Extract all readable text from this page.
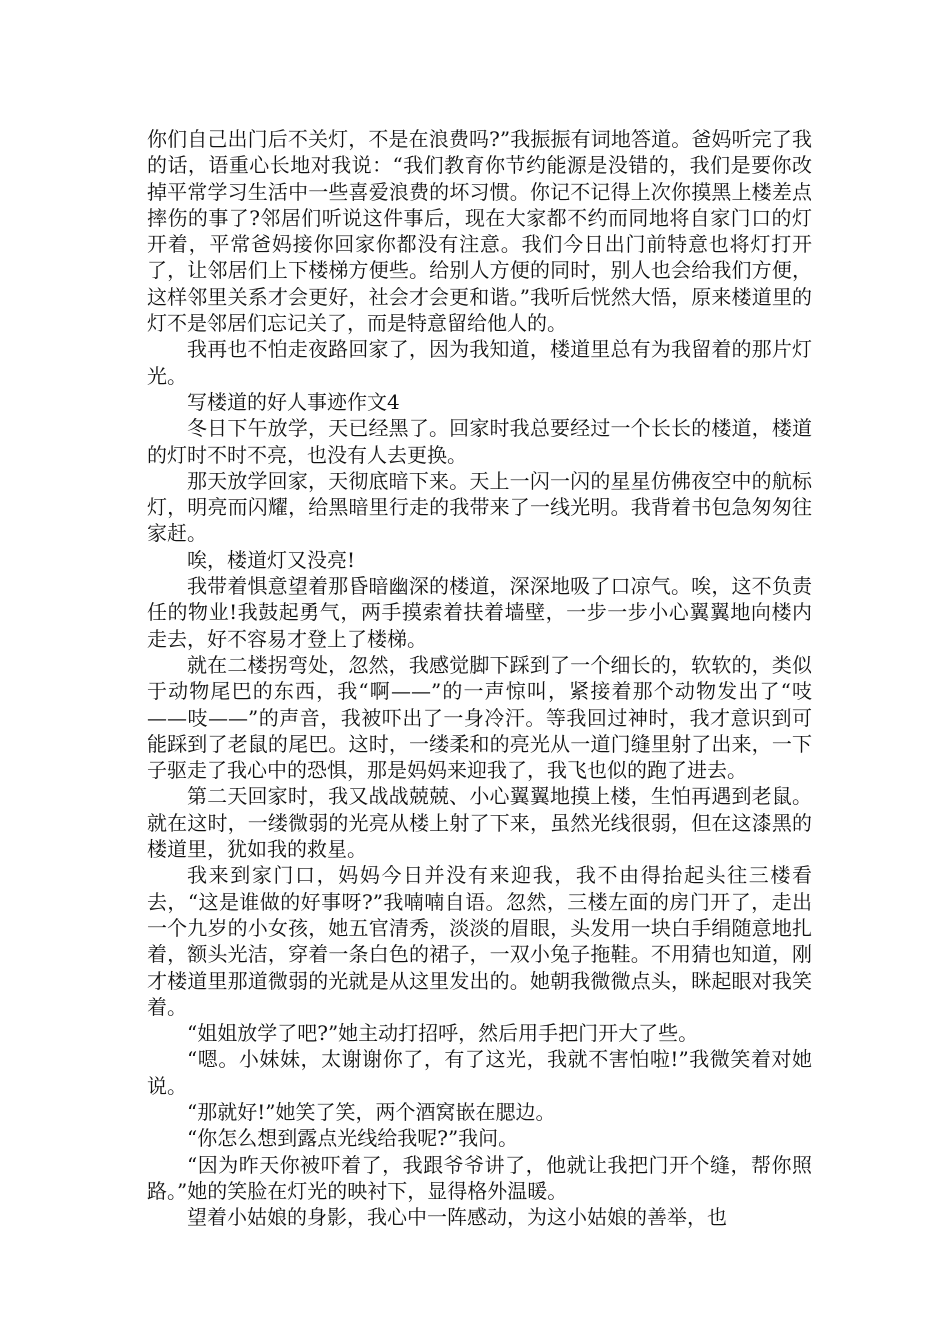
你们自己出门后不关灯，不是在浪费吗?”我振振有词地答道。爸妈听完了我的话，语重心长地对我说：“我们教育你节约能源是没错的，我们是要你改掉平常学习生活中一些喜爱浪费的坏习惯。你记不记得上次你摸黑上楼差点摔伤的事了?邻居们听说这件事后，现在大家都不约而同地将自家门口的灯开着，平常爸妈接你回家你都没有注意。我们今日出门前特意也将灯打开了，让邻居们上下楼梯方便些。给别人方便的同时，别人也会给我们方便，这样邻里关系才会更好，社会才会更和谐。”我听后恍然大悟，原来楼道里的灯不是邻居们忘记关了，而是特意留给他人的。

我再也不怕走夜路回家了，因为我知道，楼道里总有为我留着的那片灯光。

写楼道的好人事迹作文4

冬日下午放学，天已经黑了。回家时我总要经过一个长长的楼道，楼道的灯时不时不亮，也没有人去更换。

那天放学回家，天彻底暗下来。天上一闪一闪的星星仿佛夜空中的航标灯，明亮而闪耀，给黑暗里行走的我带来了一线光明。我背着书包急匆匆往家赶。

唉，楼道灯又没亮!

我带着惧意望着那昏暗幽深的楼道，深深地吸了口凉气。唉，这不负责任的物业!我鼓起勇气，两手摸索着扶着墙壁，一步一步小心翼翼地向楼内走去，好不容易才登上了楼梯。

就在二楼拐弯处，忽然，我感觉脚下踩到了一个细长的，软软的，类似于动物尾巴的东西，我“啊——”的一声惊叫，紧接着那个动物发出了“吱——吱——”的声音，我被吓出了一身冷汗。等我回过神时，我才意识到可能踩到了老鼠的尾巴。这时，一缕柔和的亮光从一道门缝里射了出来，一下子驱走了我心中的恐惧，那是妈妈来迎我了，我飞也似的跑了进去。

第二天回家时，我又战战兢兢、小心翼翼地摸上楼，生怕再遇到老鼠。就在这时，一缕微弱的光亮从楼上射了下来，虽然光线很弱，但在这漆黑的楼道里，犹如我的救星。

我来到家门口，妈妈今日并没有来迎我，我不由得抬起头往三楼看去，“这是谁做的好事呀?”我喃喃自语。忽然，三楼左面的房门开了，走出一个九岁的小女孩，她五官清秀，淡淡的眉眼，头发用一块白手绢随意地扎着，额头光洁，穿着一条白色的裙子，一双小兔子拖鞋。不用猜也知道，刚才楼道里那道微弱的光就是从这里发出的。她朝我微微点头，眯起眼对我笑着。

“姐姐放学了吧?”她主动打招呼，然后用手把门开大了些。

“嗯。小妹妹，太谢谢你了，有了这光，我就不害怕啦!”我微笑着对她说。

“那就好!”她笑了笑，两个酒窝嵌在腮边。

“你怎么想到露点光线给我呢?”我问。

“因为昨天你被吓着了，我跟爷爷讲了，他就让我把门开个缝，帮你照路。”她的笑脸在灯光的映衬下，显得格外温暖。

望着小姑娘的身影，我心中一阵感动，为这小姑娘的善举，也
